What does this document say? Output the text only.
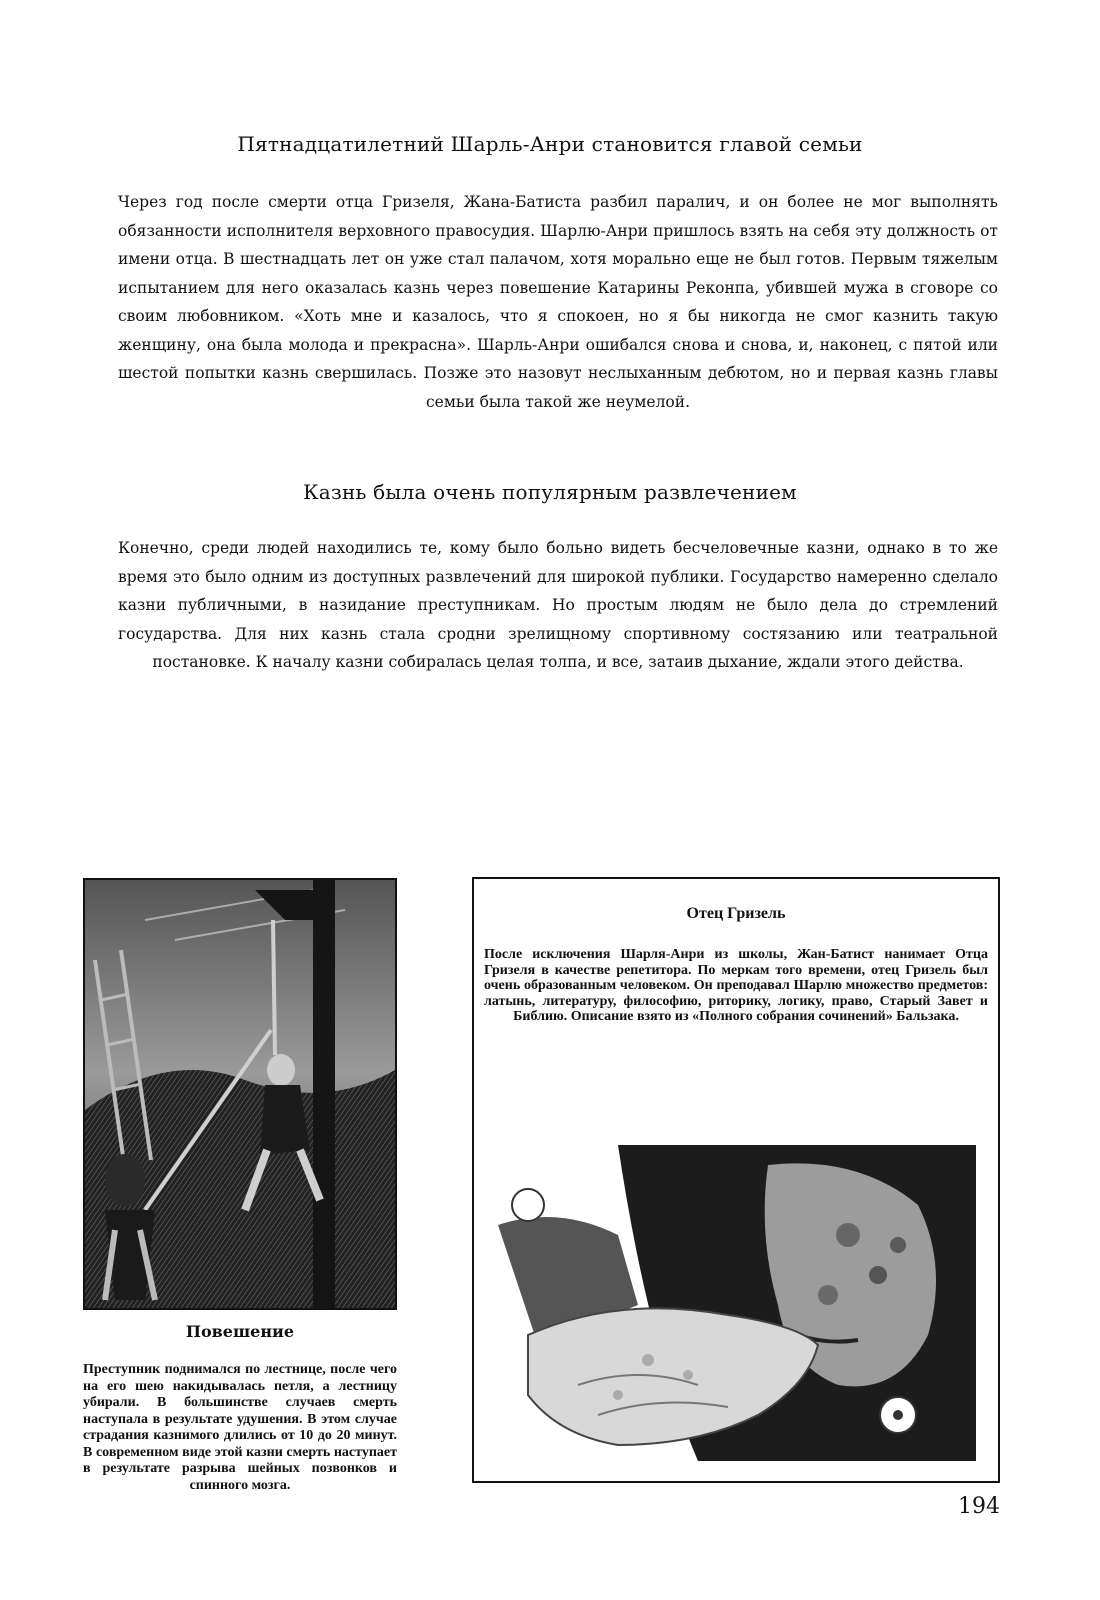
Пятнадцатилетний Шарль-Анри становится главой семьи

Через год после смерти отца Гризеля, Жана-Батиста разбил паралич, и он более не мог выполнять обязанности исполнителя верховного правосудия. Шарлю-Анри пришлось взять на себя эту должность от имени отца. В шестнадцать лет он уже стал палачом, хотя морально еще не был готов. Первым тяжелым испытанием для него оказалась казнь через повешение Катарины Реконпа, убившей мужа в сговоре со своим любовником. «Хоть мне и казалось, что я спокоен, но я бы никогда не смог казнить такую женщину, она была молода и прекрасна». Шарль-Анри ошибался снова и снова, и, наконец, с пятой или шестой попытки казнь свершилась. Позже это назовут неслыханным дебютом, но и первая казнь главы семьи была такой же неумелой.

Казнь была очень популярным развлечением

Конечно, среди людей находились те, кому было больно видеть бесчеловечные казни, однако в то же время это было одним из доступных развлечений для широкой публики. Государство намеренно сделало казни публичными, в назидание преступникам. Но простым людям не было дела до стремлений государства. Для них казнь стала сродни зрелищному спортивному состязанию или театральной постановке. К началу казни собиралась целая толпа, и все, затаив дыхание, ждали этого действа.

Повешение

Преступник поднимался по лестнице, после чего на его шею накидывалась петля, а лестницу убирали. В большинстве случаев смерть наступала в результате удушения. В этом случае страдания казнимого длились от 10 до 20 минут. В современном виде этой казни смерть наступает в результате разрыва шейных позвонков и спинного мозга.

Отец Гризель

После исключения Шарля-Анри из школы, Жан-Батист нанимает Отца Гризеля в качестве репетитора. По меркам того времени, отец Гризель был очень образованным человеком. Он преподавал Шарлю множество предметов: латынь, литературу, философию, риторику, логику, право, Старый Завет и Библию. Описание взято из «Полного собрания сочинений» Бальзака.

194
